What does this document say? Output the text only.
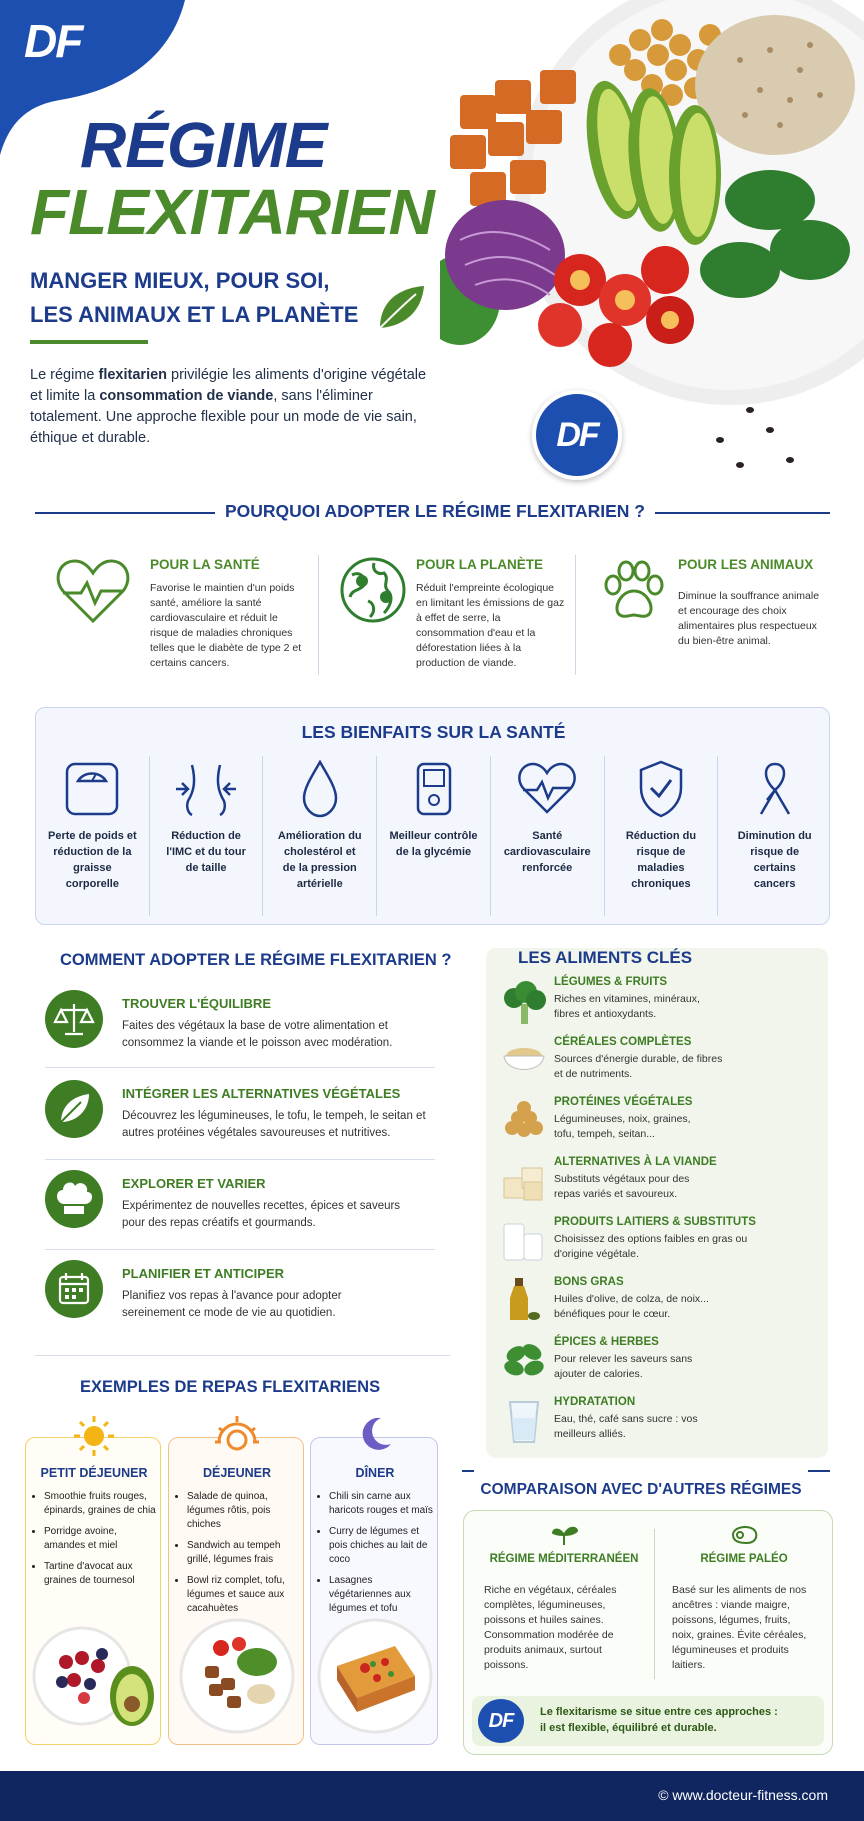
DF
DF
RÉGIME
FLEXITARIEN
MANGER MIEUX, POUR SOI,
LES ANIMAUX ET LA PLANÈTE
Le régime flexitarien privilégie les aliments d'origine végétale et limite la consommation de viande, sans l'éliminer totalement. Une approche flexible pour un mode de vie sain, éthique et durable.
POURQUOI ADOPTER LE RÉGIME FLEXITARIEN ?
POUR LA SANTÉ
Favorise le maintien d'un poids santé, améliore la santé cardiovasculaire et réduit le risque de maladies chroniques telles que le diabète de type 2 et certains cancers.
POUR LA PLANÈTE
Réduit l'empreinte écologique en limitant les émissions de gaz à effet de serre, la consommation d'eau et la déforestation liées à la production de viande.
POUR LES ANIMAUX
Diminue la souffrance animale et encourage des choix alimentaires plus respectueux du bien-être animal.
LES BIENFAITS SUR LA SANTÉ
Perte de poids et réduction de la graisse corporelle
Réduction de l'IMC et du tour de taille
Amélioration du cholestérol et de la pression artérielle
Meilleur contrôle de la glycémie
Santé cardiovasculaire renforcée
Réduction du risque de maladies chroniques
Diminution du risque de certains cancers
COMMENT ADOPTER LE RÉGIME FLEXITARIEN ?
TROUVER L'ÉQUILIBRE
Faites des végétaux la base de votre alimentation et consommez la viande et le poisson avec modération.
INTÉGRER LES ALTERNATIVES VÉGÉTALES
Découvrez les légumineuses, le tofu, le tempeh, le seitan et autres protéines végétales savoureuses et nutritives.
EXPLORER ET VARIER
Expérimentez de nouvelles recettes, épices et saveurs pour des repas créatifs et gourmands.
PLANIFIER ET ANTICIPER
Planifiez vos repas à l'avance pour adopter sereinement ce mode de vie au quotidien.
LES ALIMENTS CLÉS
LÉGUMES & FRUITS
Riches en vitamines, minéraux, fibres et antioxydants.
CÉRÉALES COMPLÈTES
Sources d'énergie durable, de fibres et de nutriments.
PROTÉINES VÉGÉTALES
Légumineuses, noix, graines, tofu, tempeh, seitan...
ALTERNATIVES À LA VIANDE
Substituts végétaux pour des repas variés et savoureux.
PRODUITS LAITIERS & SUBSTITUTS
Choisissez des options faibles en gras ou d'origine végétale.
BONS GRAS
Huiles d'olive, de colza, de noix... bénéfiques pour le cœur.
ÉPICES & HERBES
Pour relever les saveurs sans ajouter de calories.
HYDRATATION
Eau, thé, café sans sucre : vos meilleurs alliés.
EXEMPLES DE REPAS FLEXITARIENS
PETIT DÉJEUNER
• Smoothie fruits rouges, épinards, graines de chia
• Porridge avoine, amandes et miel
• Tartine d'avocat aux graines de tournesol
DÉJEUNER
• Salade de quinoa, légumes rôtis, pois chiches
• Sandwich au tempeh grillé, légumes frais
• Bowl riz complet, tofu, légumes et sauce aux cacahuètes
DÎNER
• Chili sin carne aux haricots rouges et maïs
• Curry de légumes et pois chiches au lait de coco
• Lasagnes végétariennes aux légumes et tofu
COMPARAISON AVEC D'AUTRES RÉGIMES
RÉGIME MÉDITERRANÉEN
Riche en végétaux, céréales complètes, légumineuses, poissons et huiles saines. Consommation modérée de produits animaux, surtout poissons.
RÉGIME PALÉO
Basé sur les aliments de nos ancêtres : viande maigre, poissons, légumes, fruits, noix, graines. Évite céréales, légumineuses et produits laitiers.
DF	Le flexitarisme se situe entre ces approches : il est flexible, équilibré et durable.
© www.docteur-fitness.com
